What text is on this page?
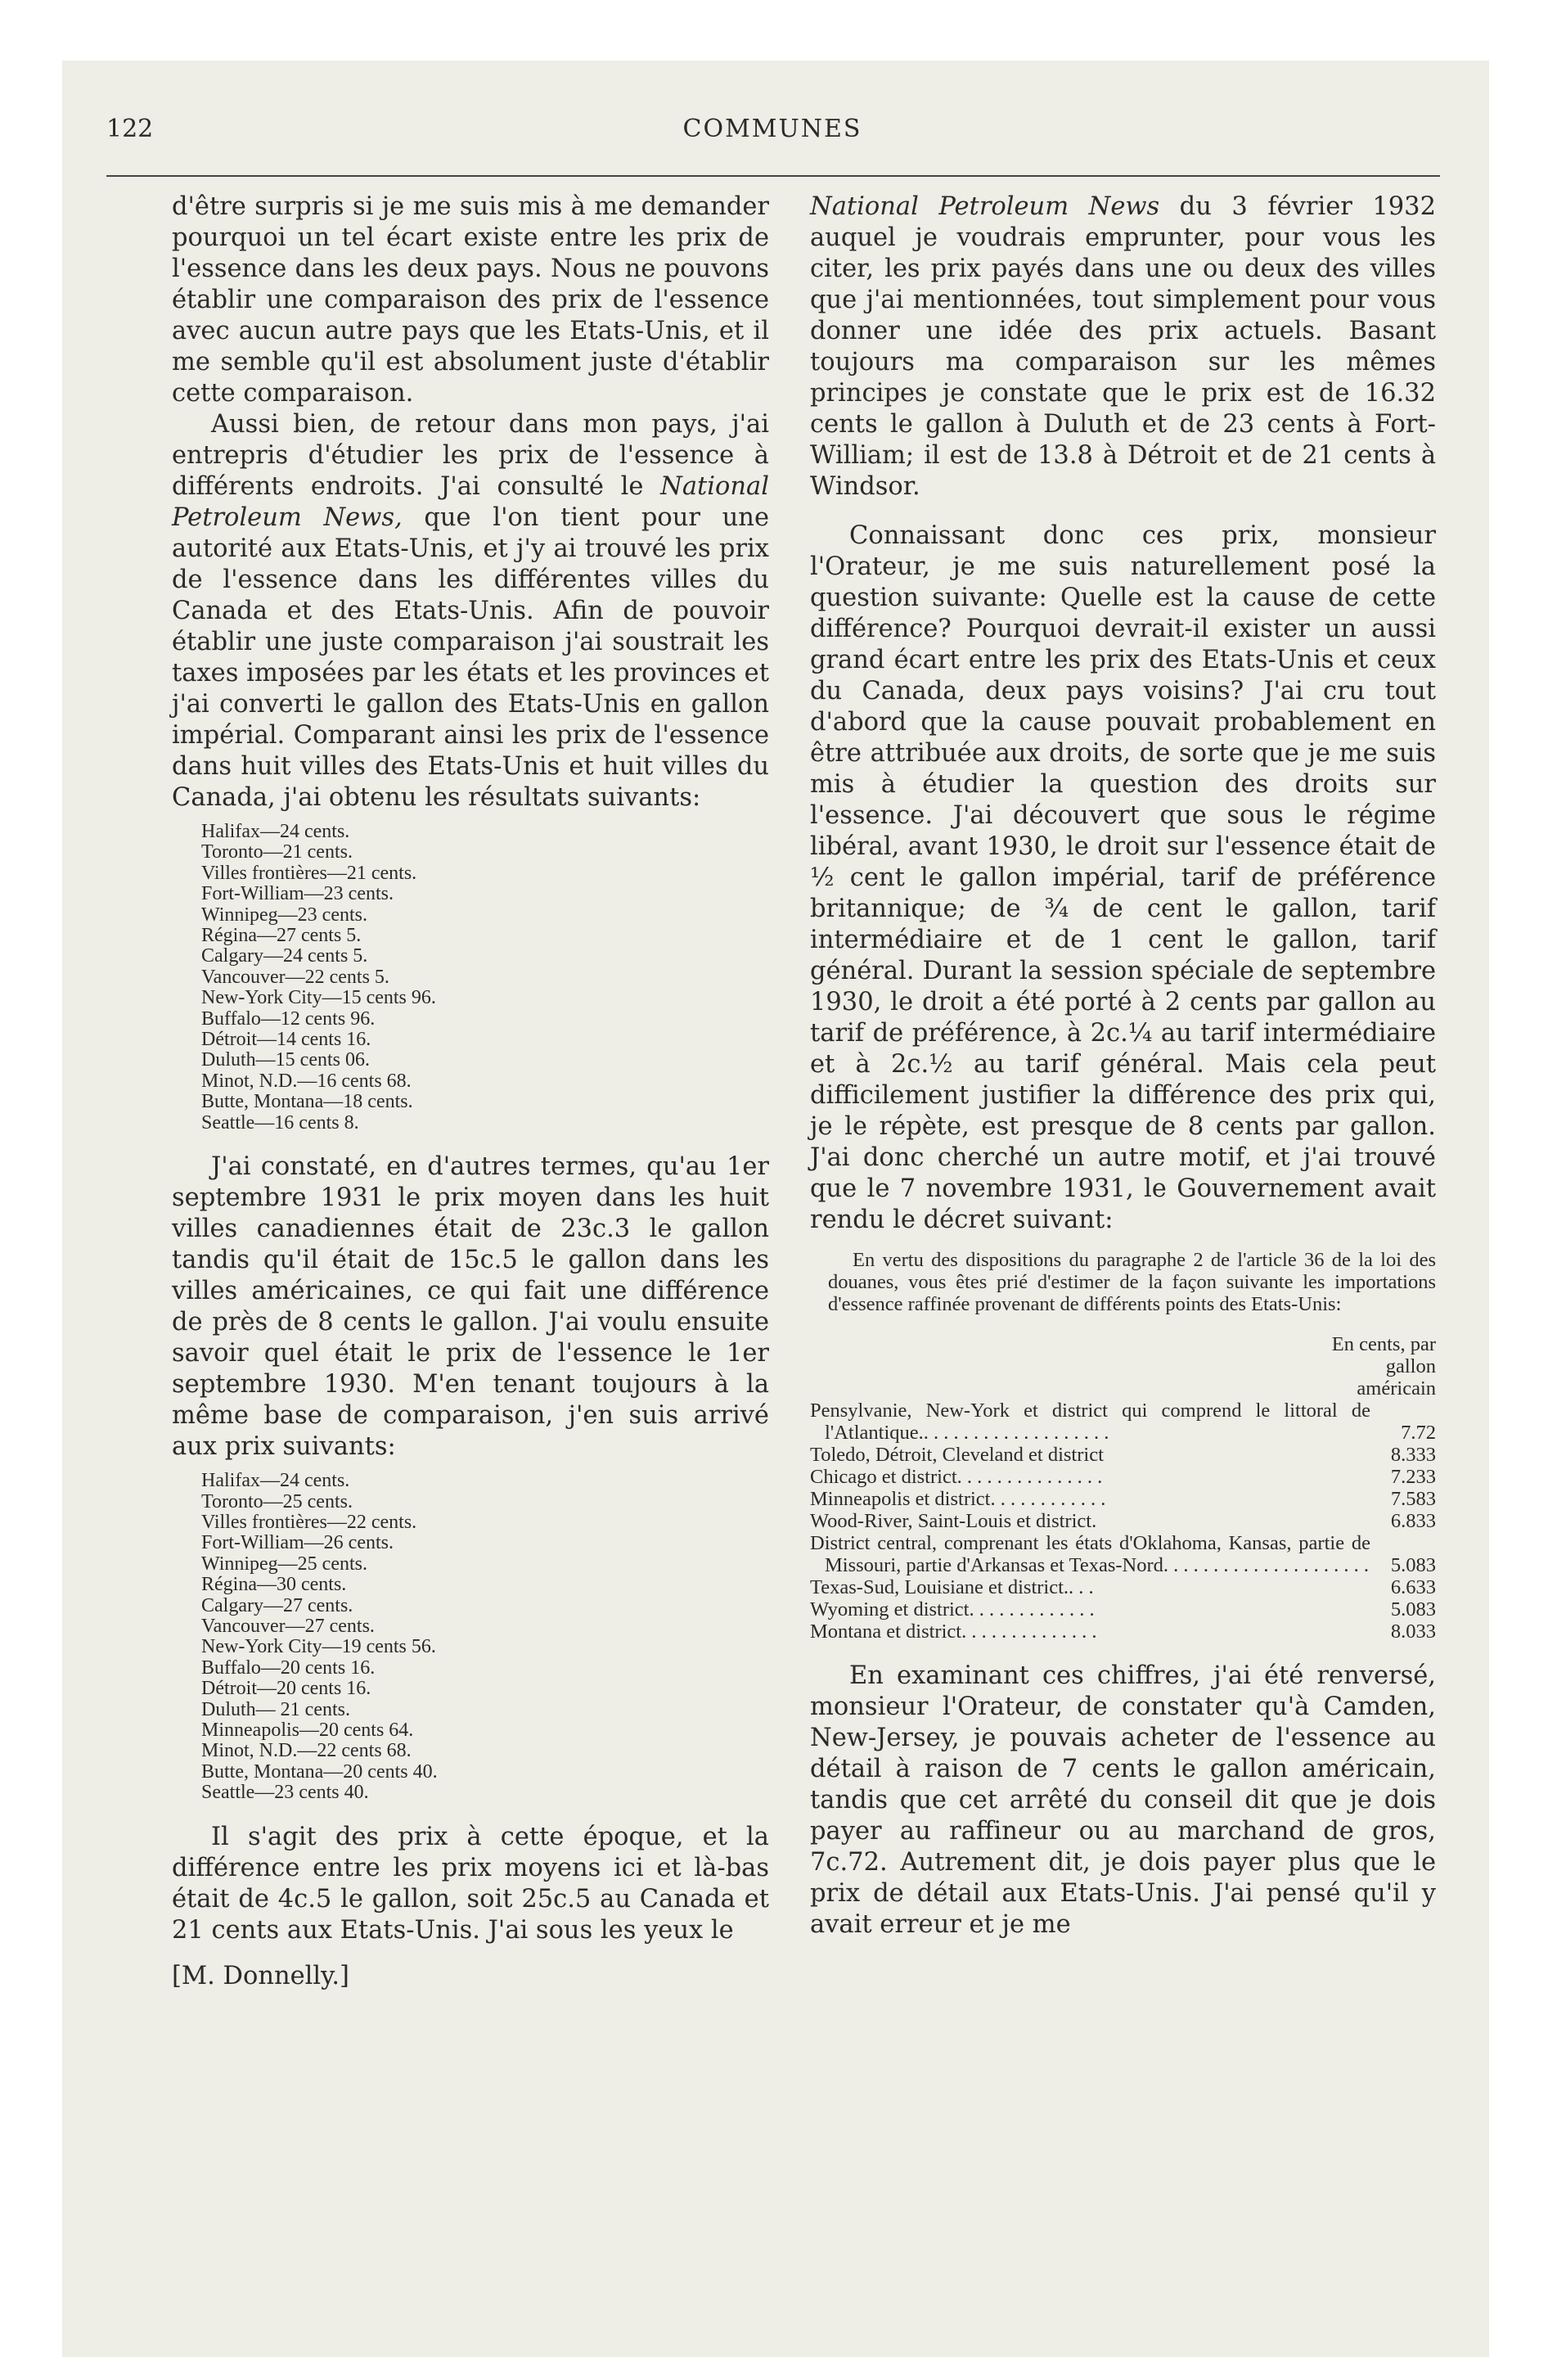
COMMUNES
122

d'être surpris si je me suis mis à me demander pourquoi un tel écart existe entre les prix de l'essence dans les deux pays. Nous ne pouvons établir une comparaison des prix de l'essence avec aucun autre pays que les Etats-Unis, et il me semble qu'il est absolument juste d'établir cette comparaison.

Aussi bien, de retour dans mon pays, j'ai entrepris d'étudier les prix de l'essence à différents endroits. J'ai consulté le National Petroleum News, que l'on tient pour une autorité aux Etats-Unis, et j'y ai trouvé les prix de l'essence dans les différentes villes du Canada et des Etats-Unis. Afin de pouvoir établir une juste comparaison j'ai soustrait les taxes imposées par les états et les provinces et j'ai converti le gallon des Etats-Unis en gallon impérial. Comparant ainsi les prix de l'essence dans huit villes des Etats-Unis et huit villes du Canada, j'ai obtenu les résultats suivants:

Halifax—24 cents.
Toronto—21 cents.
Villes frontières—21 cents.
Fort-William—23 cents.
Winnipeg—23 cents.
Régina—27 cents 5.
Calgary—24 cents 5.
Vancouver—22 cents 5.
New-York City—15 cents 96.
Buffalo—12 cents 96.
Détroit—14 cents 16.
Duluth—15 cents 06.
Minot, N.D.—16 cents 68.
Butte, Montana—18 cents.
Seattle—16 cents 8.

J'ai constaté, en d'autres termes, qu'au 1er septembre 1931 le prix moyen dans les huit villes canadiennes était de 23c.3 le gallon tandis qu'il était de 15c.5 le gallon dans les villes américaines, ce qui fait une différence de près de 8 cents le gallon. J'ai voulu ensuite savoir quel était le prix de l'essence le 1er septembre 1930. M'en tenant toujours à la même base de comparaison, j'en suis arrivé aux prix suivants:

Halifax—24 cents.
Toronto—25 cents.
Villes frontières—22 cents.
Fort-William—26 cents.
Winnipeg—25 cents.
Régina—30 cents.
Calgary—27 cents.
Vancouver—27 cents.
New-York City—19 cents 56.
Buffalo—20 cents 16.
Détroit—20 cents 16.
Duluth— 21 cents.
Minneapolis—20 cents 64.
Minot, N.D.—22 cents 68.
Butte, Montana—20 cents 40.
Seattle—23 cents 40.

Il s'agit des prix à cette époque, et la différence entre les prix moyens ici et là-bas était de 4c.5 le gallon, soit 25c.5 au Canada et 21 cents aux Etats-Unis. J'ai sous les yeux le

[M. Donnelly.]

National Petroleum News du 3 février 1932 auquel je voudrais emprunter, pour vous les citer, les prix payés dans une ou deux des villes que j'ai mentionnées, tout simplement pour vous donner une idée des prix actuels. Basant toujours ma comparaison sur les mêmes principes je constate que le prix est de 16.32 cents le gallon à Duluth et de 23 cents à Fort-William; il est de 13.8 à Détroit et de 21 cents à Windsor.

Connaissant donc ces prix, monsieur l'Orateur, je me suis naturellement posé la question suivante: Quelle est la cause de cette différence? Pourquoi devrait-il exister un aussi grand écart entre les prix des Etats-Unis et ceux du Canada, deux pays voisins? J'ai cru tout d'abord que la cause pouvait probablement en être attribuée aux droits, de sorte que je me suis mis à étudier la question des droits sur l'essence. J'ai découvert que sous le régime libéral, avant 1930, le droit sur l'essence était de ½ cent le gallon impérial, tarif de préférence britannique; de ¾ de cent le gallon, tarif intermédiaire et de 1 cent le gallon, tarif général. Durant la session spéciale de septembre 1930, le droit a été porté à 2 cents par gallon au tarif de préférence, à 2c.¼ au tarif intermédiaire et à 2c.½ au tarif général. Mais cela peut difficilement justifier la différence des prix qui, je le répète, est presque de 8 cents par gallon. J'ai donc cherché un autre motif, et j'ai trouvé que le 7 novembre 1931, le Gouvernement avait rendu le décret suivant:

En vertu des dispositions du paragraphe 2 de l'article 36 de la loi des douanes, vous êtes prié d'estimer de la façon suivante les importations d'essence raffinée provenant de différents points des Etats-Unis:
En cents, par gallon américain
Pensylvanie, New-York et district qui comprend le littoral de l'Atlantique.. . . . . . . . . . . . . . . . . . .	7.72
Toledo, Détroit, Cleveland et district	8.333
Chicago et district. . . . . . . . . . . . . . .	7.233
Minneapolis et district. . . . . . . . . . . .	7.583
Wood-River, Saint-Louis et district.	6.833
District central, comprenant les états d'Oklahoma, Kansas, partie de Missouri, partie d'Arkansas et Texas-Nord. . . . . . . . . . . . . . . . . . . . .	5.083
Texas-Sud, Louisiane et district.. . .	6.633
Wyoming et district. . . . . . . . . . . . .	5.083
Montana et district. . . . . . . . . . . . . .	8.033

En examinant ces chiffres, j'ai été renversé, monsieur l'Orateur, de constater qu'à Camden, New-Jersey, je pouvais acheter de l'essence au détail à raison de 7 cents le gallon américain, tandis que cet arrêté du conseil dit que je dois payer au raffineur ou au marchand de gros, 7c.72. Autrement dit, je dois payer plus que le prix de détail aux Etats-Unis. J'ai pensé qu'il y avait erreur et je me
